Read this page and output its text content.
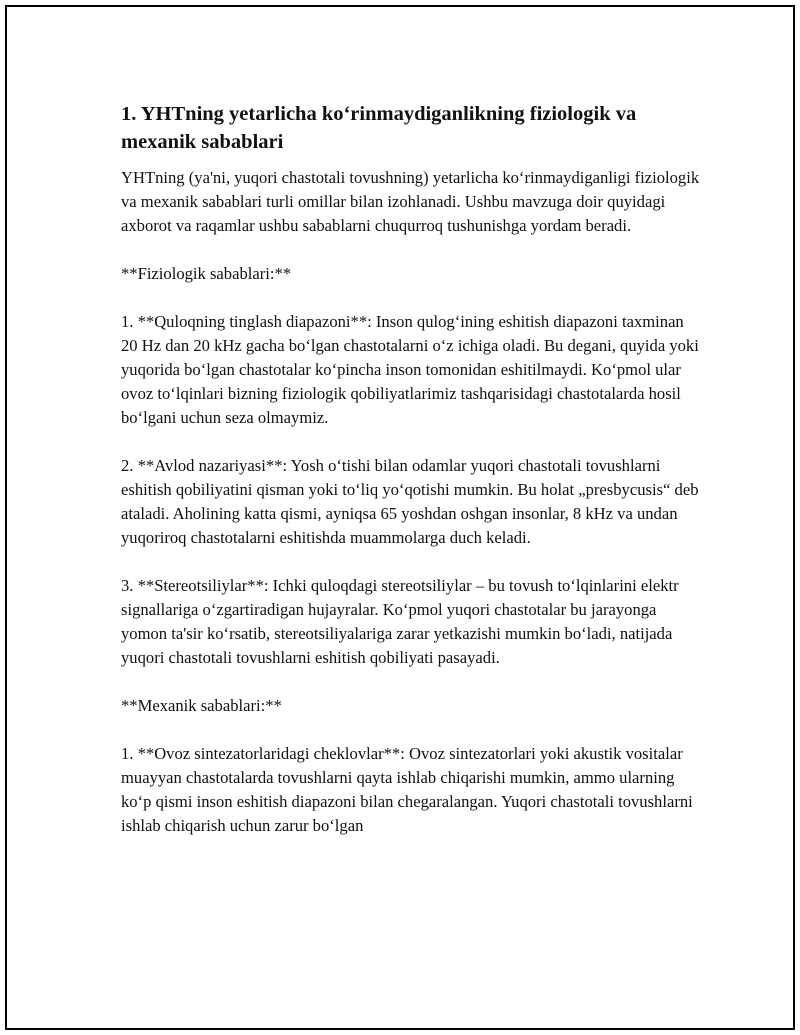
1. YHTning yetarlicha ko‘rinmaydiganlikning fiziologik va mexanik sabablari

YHTning (ya'ni, yuqori chastotali tovushning) yetarlicha ko‘rinmaydiganligi fiziologik va mexanik sabablari turli omillar bilan izohlanadi. Ushbu mavzuga doir quyidagi axborot va raqamlar ushbu sabablarni chuqurroq tushunishga yordam beradi.

**Fiziologik sabablari:**

1. **Quloqning tinglash diapazoni**: Inson qulog‘ining eshitish diapazoni taxminan 20 Hz dan 20 kHz gacha bo‘lgan chastotalarni o‘z ichiga oladi. Bu degani, quyida yoki yuqorida bo‘lgan chastotalar ko‘pincha inson tomonidan eshitilmaydi. Ko‘pmol ular ovoz to‘lqinlari bizning fiziologik qobiliyatlarimiz tashqarisidagi chastotalarda hosil bo‘lgani uchun seza olmaymiz.

2. **Avlod nazariyasi**: Yosh o‘tishi bilan odamlar yuqori chastotali tovushlarni eshitish qobiliyatini qisman yoki to‘liq yo‘qotishi mumkin. Bu holat „presbycusis“ deb ataladi. Aholining katta qismi, ayniqsa 65 yoshdan oshgan insonlar, 8 kHz va undan yuqoriroq chastotalarni eshitishda muammolarga duch keladi.

3. **Stereotsiliylar**: Ichki quloqdagi stereotsiliylar – bu tovush to‘lqinlarini elektr signallariga o‘zgartiradigan hujayralar. Ko‘pmol yuqori chastotalar bu jarayonga yomon ta'sir ko‘rsatib, stereotsiliyalariga zarar yetkazishi mumkin bo‘ladi, natijada yuqori chastotali tovushlarni eshitish qobiliyati pasayadi.

**Mexanik sabablari:**

1. **Ovoz sintezatorlaridagi cheklovlar**: Ovoz sintezatorlari yoki akustik vositalar muayyan chastotalarda tovushlarni qayta ishlab chiqarishi mumkin, ammo ularning ko‘p qismi inson eshitish diapazoni bilan chegaralangan. Yuqori chastotali tovushlarni ishlab chiqarish uchun zarur bo‘lgan
